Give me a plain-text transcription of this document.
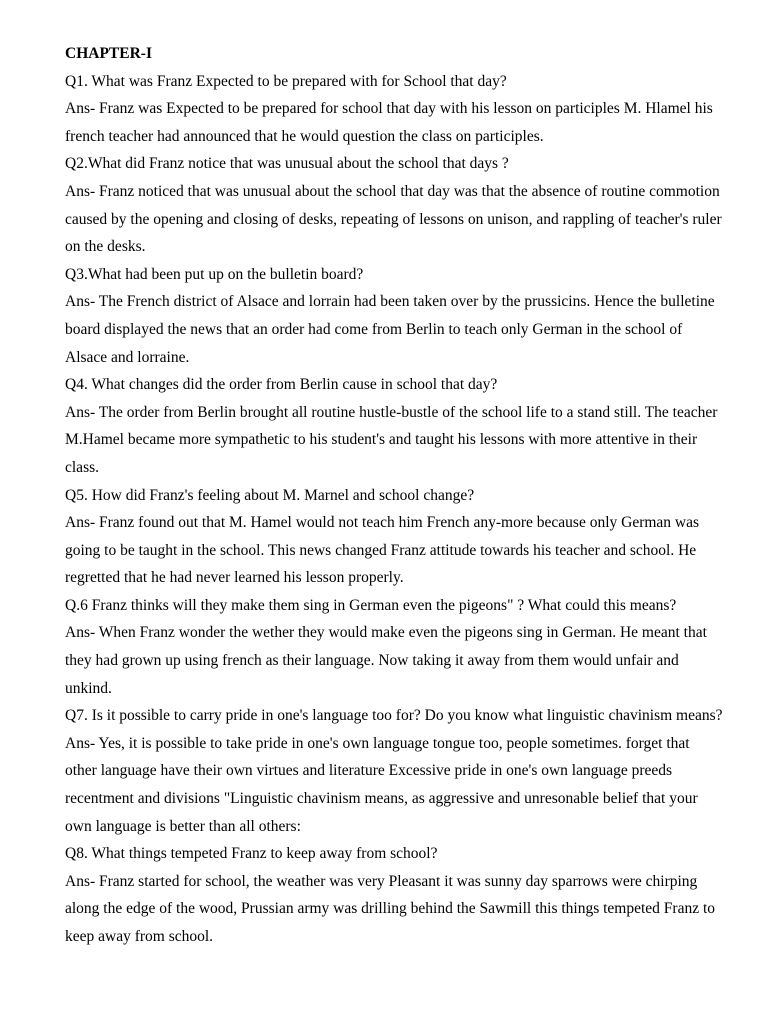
CHAPTER-I

Q1. What was Franz Expected to be prepared with for School that day?

Ans- Franz was Expected to be prepared for school that day with his lesson on participles M. Hlamel his french teacher had announced that he would question the class on participles.

Q2.What did Franz notice that was unusual about the school that days ?

Ans- Franz noticed that was unusual about the school that day was that the absence of routine commotion caused by the opening and closing of desks, repeating of lessons on unison, and rappling of teacher's ruler on the desks.

Q3.What had been put up on the bulletin board?

Ans- The French district of Alsace and lorrain had been taken over by the prussicins. Hence the bulletine board displayed the news that an order had come from Berlin to teach only German in the school of Alsace and lorraine.

Q4. What changes did the order from Berlin cause in school that day?

Ans- The order from Berlin brought all routine hustle-bustle of the school life to a stand still. The teacher M.Hamel became more sympathetic to his student's and taught his lessons with more attentive in their class.

Q5. How did Franz's feeling about M. Marnel and school change?

Ans- Franz found out that M. Hamel would not teach him French any-more because only German was going to be taught in the school. This news changed Franz attitude towards his teacher and school. He regretted that he had never learned his lesson properly.

Q.6 Franz thinks will they make them sing in German even the pigeons" ? What could this means?

Ans- When Franz wonder the wether they would make even the pigeons sing in German. He meant that they had grown up using french as their language. Now taking it away from them would unfair and unkind.

Q7. Is it possible to carry pride in one's language too for? Do you know what linguistic chavinism means?

Ans- Yes, it is possible to take pride in one's own language tongue too, people sometimes. forget that other language have their own virtues and literature Excessive pride in one's own language preeds recentment and divisions "Linguistic chavinism means, as aggressive and unresonable belief that your own language is better than all others:

Q8. What things tempeted Franz to keep away from school?

Ans- Franz started for school, the weather was very Pleasant it was sunny day sparrows were chirping along the edge of the wood, Prussian army was drilling behind the Sawmill this things tempeted Franz to keep away from school.
